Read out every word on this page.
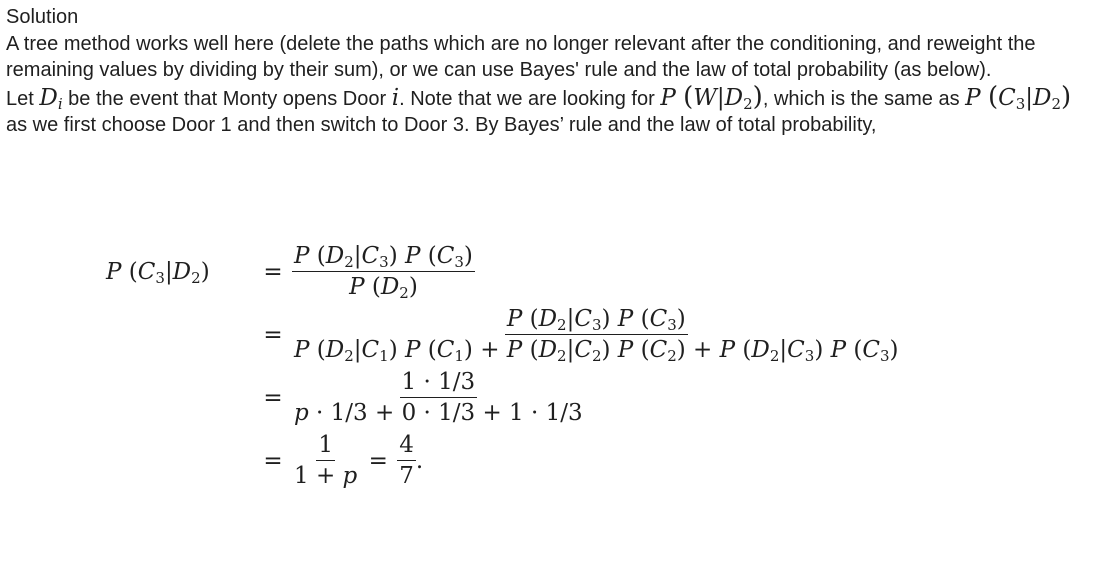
Solution

A tree method works well here (delete the paths which are no longer relevant after the conditioning, and reweight the remaining values by dividing by their sum), or we can use Bayes' rule and the law of total probability (as below).

Let $D_i$ be the event that Monty opens Door i. Note that we are looking for P $(W|D_2)$, which is the same as P $(C_3|D_2)$ as we first choose Door 1 and then switch to Door 3. By Bayes’ rule and the law of total probability,

P $(C_3|D_2)$	= $\frac{P (D_2|C_3) P (C_3)}{P (D_2)}$
= $\frac{P (D_2|C_3) P (C_3)}{P (D_2|C_1) P (C_1) + P (D_2|C_2) P (C_2) + P (D_2|C_3) P (C_3)}$
= $\frac{1 \cdot 1/3}{p \cdot 1/3 + 0 \cdot 1/3 + 1 \cdot 1/3}$
= $\frac{1}{1 + p} = \frac{4}{7}$ .
